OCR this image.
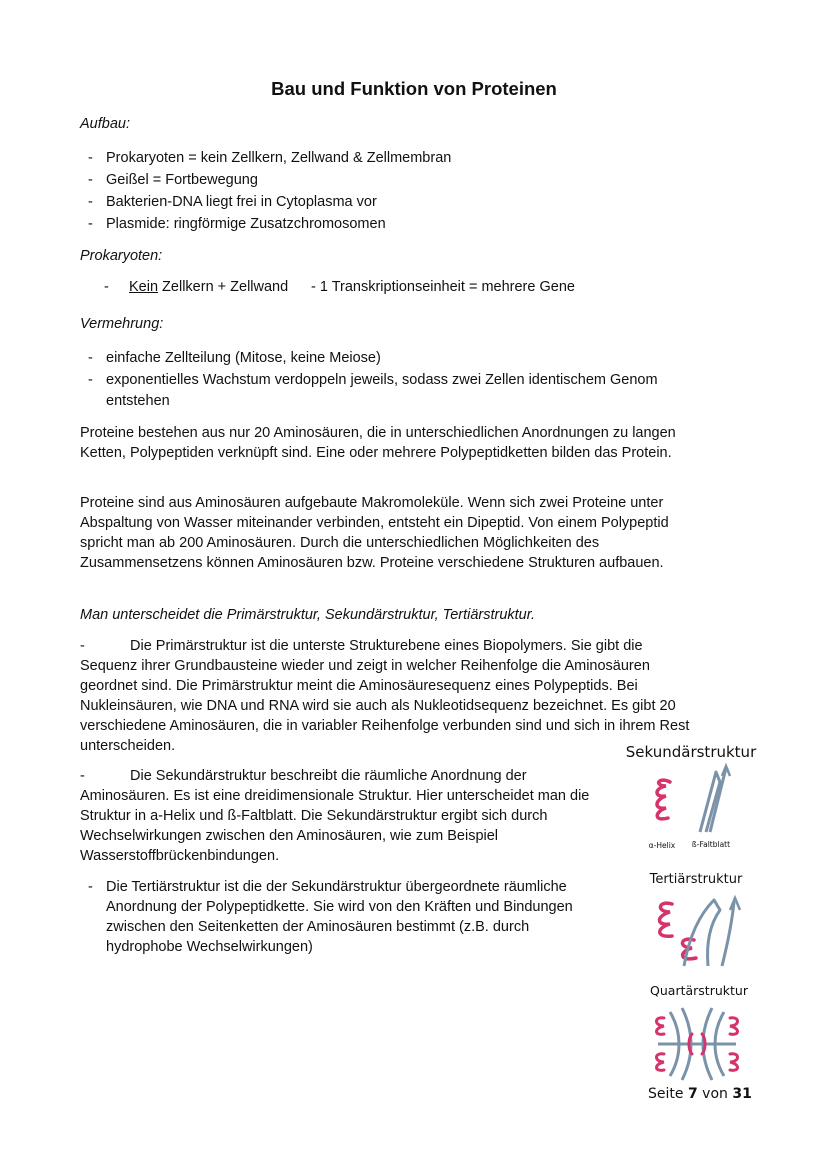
Bau und Funktion von Proteinen
Aufbau:
- Prokaryoten = kein Zellkern, Zellwand & Zellmembran
- Geißel = Fortbewegung
- Bakterien-DNA liegt frei in Cytoplasma vor
- Plasmide: ringförmige Zusatzchromosomen
Prokaryoten:
- Kein Zellkern + Zellwand - 1 Transkriptionseinheit = mehrere Gene
Vermehrung:
- einfache Zellteilung (Mitose, keine Meiose)
- exponentielles Wachstum verdoppeln jeweils, sodass zwei Zellen identischem Genom entstehen
Proteine bestehen aus nur 20 Aminosäuren, die in unterschiedlichen Anordnungen zu langen Ketten, Polypeptiden verknüpft sind. Eine oder mehrere Polypeptidketten bilden das Protein.
Proteine sind aus Aminosäuren aufgebaute Makromoleküle. Wenn sich zwei Proteine unter Abspaltung von Wasser miteinander verbinden, entsteht ein Dipeptid. Von einem Polypeptid spricht man ab 200 Aminosäuren. Durch die unterschiedlichen Möglichkeiten des Zusammensetzens können Aminosäuren bzw. Proteine verschiedene Strukturen aufbauen.
Man unterscheidet die Primärstruktur, Sekundärstruktur, Tertiärstruktur.
-	Die Primärstruktur ist die unterste Strukturebene eines Biopolymers. Sie gibt die Sequenz ihrer Grundbausteine wieder und zeigt in welcher Reihenfolge die Aminosäuren geordnet sind. Die Primärstruktur meint die Aminosäuresequenz eines Polypeptids. Bei Nukleinsäuren, wie DNA und RNA wird sie auch als Nukleotidsequenz bezeichnet. Es gibt 20 verschiedene Aminosäuren, die in variabler Reihenfolge verbunden sind und sich in ihrem Rest unterscheiden.
-	Die Sekundärstruktur beschreibt die räumliche Anordnung der Aminosäuren. Es ist eine dreidimensionale Struktur. Hier unterscheidet man die Struktur in a-Helix und ß-Faltblatt. Die Sekundärstruktur ergibt sich durch Wechselwirkungen zwischen den Aminosäuren, wie zum Beispiel Wasserstoffbrückenbindungen.
- Die Tertiärstruktur ist die der Sekundärstruktur übergeordnete räumliche Anordnung der Polypeptidkette. Sie wird von den Kräften und Bindungen zwischen den Seitenketten der Aminosäuren bestimmt (z.B. durch hydrophobe Wechselwirkungen)
Sekundärstruktur
α-Helix	ß-Faltblatt
Tertiärstruktur
Quartärstruktur
Seite 7 von 31
